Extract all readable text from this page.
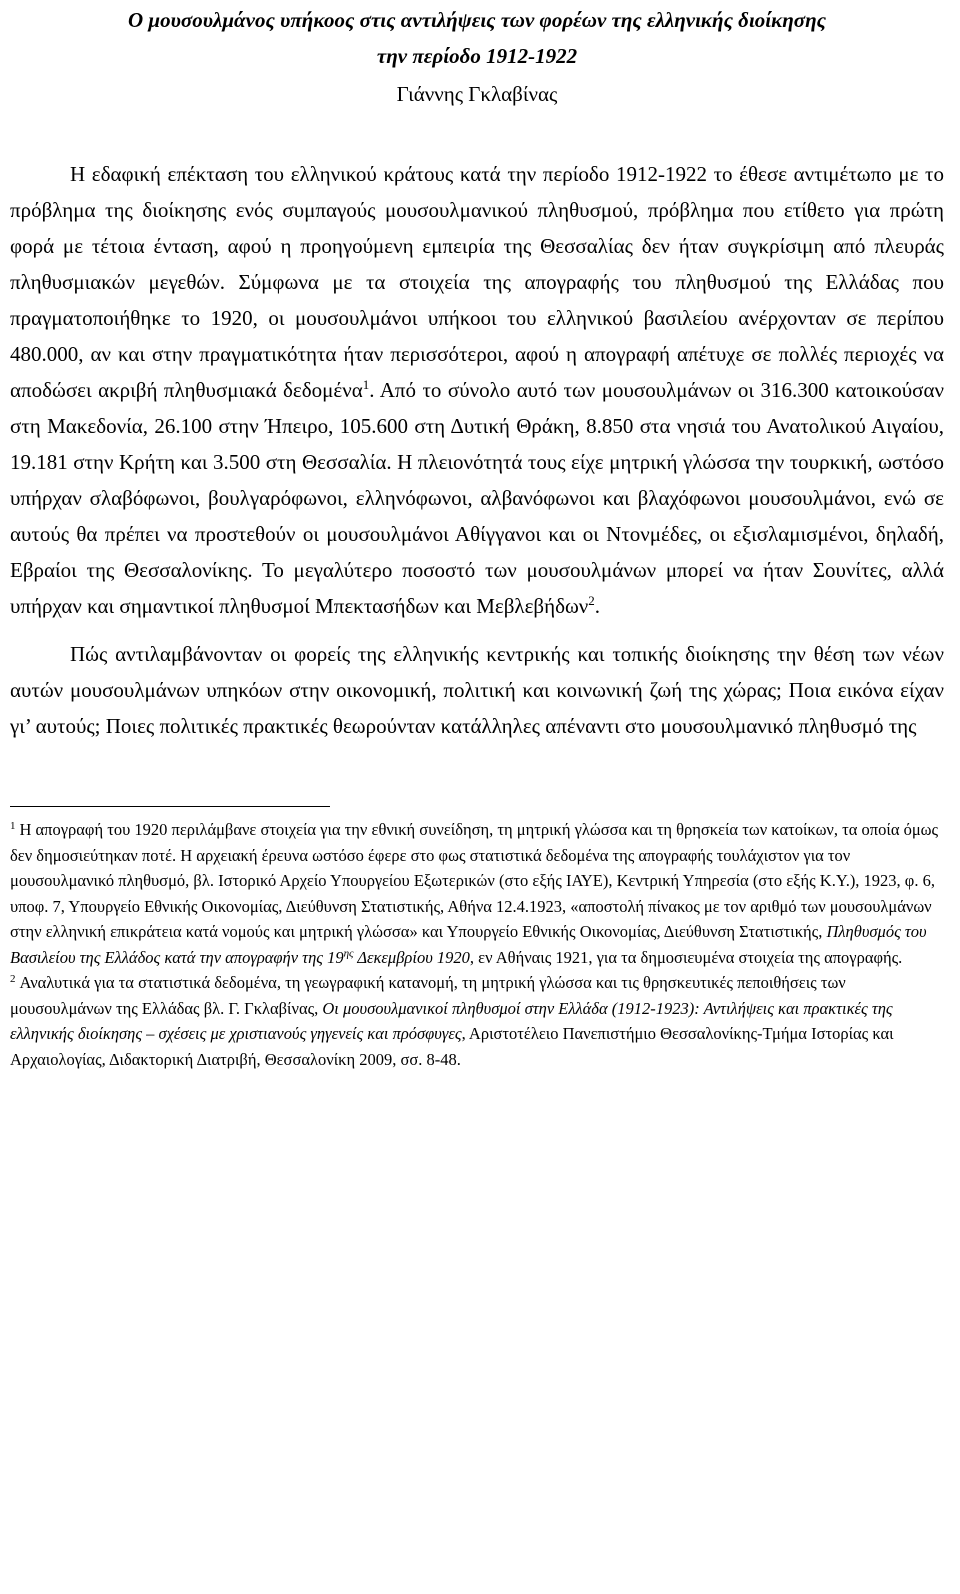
Ο μουσουλμάνος υπήκοος στις αντιλήψεις των φορέων της ελληνικής διοίκησης
την περίοδο 1912-1922
Γιάννης Γκλαβίνας

Η εδαφική επέκταση του ελληνικού κράτους κατά την περίοδο 1912-1922 το έθεσε αντιμέτωπο με το πρόβλημα της διοίκησης ενός συμπαγούς μουσουλμανικού πληθυσμού, πρόβλημα που ετίθετο για πρώτη φορά με τέτοια ένταση, αφού η προηγούμενη εμπειρία της Θεσσαλίας δεν ήταν συγκρίσιμη από πλευράς πληθυσμιακών μεγεθών. Σύμφωνα με τα στοιχεία της απογραφής του πληθυσμού της Ελλάδας που πραγματοποιήθηκε το 1920, οι μουσουλμάνοι υπήκοοι του ελληνικού βασιλείου ανέρχονταν σε περίπου 480.000, αν και στην πραγματικότητα ήταν περισσότεροι, αφού η απογραφή απέτυχε σε πολλές περιοχές να αποδώσει ακριβή πληθυσμιακά δεδομένα$^1$. Από το σύνολο αυτό των μουσουλμάνων οι 316.300 κατοικούσαν στη Μακεδονία, 26.100 στην Ήπειρο, 105.600 στη Δυτική Θράκη, 8.850 στα νησιά του Ανατολικού Αιγαίου, 19.181 στην Κρήτη και 3.500 στη Θεσσαλία. Η πλειονότητά τους είχε μητρική γλώσσα την τουρκική, ωστόσο υπήρχαν σλαβόφωνοι, βουλγαρόφωνοι, ελληνόφωνοι, αλβανόφωνοι και βλαχόφωνοι μουσουλμάνοι, ενώ σε αυτούς θα πρέπει να προστεθούν οι μουσουλμάνοι Αθίγγανοι και οι Ντονμέδες, οι εξισλαμισμένοι, δηλαδή, Εβραίοι της Θεσσαλονίκης. Το μεγαλύτερο ποσοστό των μουσουλμάνων μπορεί να ήταν Σουνίτες, αλλά υπήρχαν και σημαντικοί πληθυσμοί Μπεκτασήδων και Μεβλεβήδων$^2$.

Πώς αντιλαμβάνονταν οι φορείς της ελληνικής κεντρικής και τοπικής διοίκησης την θέση των νέων αυτών μουσουλμάνων υπηκόων στην οικονομική, πολιτική και κοινωνική ζωή της χώρας; Ποια εικόνα είχαν γι’ αυτούς; Ποιες πολιτικές πρακτικές θεωρούνταν κατάλληλες απέναντι στο μουσουλμανικό πληθυσμό της

$^1$ Η απογραφή του 1920 περιλάμβανε στοιχεία για την εθνική συνείδηση, τη μητρική γλώσσα και τη θρησκεία των κατοίκων, τα οποία όμως δεν δημοσιεύτηκαν ποτέ. Η αρχειακή έρευνα ωστόσο έφερε στο φως στατιστικά δεδομένα της απογραφής τουλάχιστον για τον μουσουλμανικό πληθυσμό, βλ. Ιστορικό Αρχείο Υπουργείου Εξωτερικών (στο εξής ΙΑΥΕ), Κεντρική Υπηρεσία (στο εξής Κ.Υ.), 1923, φ. 6, υποφ. 7, Υπουργείο Εθνικής Οικονομίας, Διεύθυνση Στατιστικής, Αθήνα 12.4.1923, «αποστολή πίνακος με τον αριθμό των μουσουλμάνων στην ελληνική επικράτεια κατά νομούς και μητρική γλώσσα» και Υπουργείο Εθνικής Οικονομίας, Διεύθυνση Στατιστικής, Πληθυσμός του Βασιλείου της Ελλάδος κατά την απογραφήν της $19^{\eta\varsigma}$ Δεκεμβρίου 1920, εν Αθήναις 1921, για τα δημοσιευμένα στοιχεία της απογραφής.

$^2$ Αναλυτικά για τα στατιστικά δεδομένα, τη γεωγραφική κατανομή, τη μητρική γλώσσα και τις θρησκευτικές πεποιθήσεις των μουσουλμάνων της Ελλάδας βλ. Γ. Γκλαβίνας, Οι μουσουλμανικοί πληθυσμοί στην Ελλάδα (1912-1923): Αντιλήψεις και πρακτικές της ελληνικής διοίκησης – σχέσεις με χριστιανούς γηγενείς και πρόσφυγες, Αριστοτέλειο Πανεπιστήμιο Θεσσαλονίκης-Τμήμα Ιστορίας και Αρχαιολογίας, Διδακτορική Διατριβή, Θεσσαλονίκη 2009, σσ. 8-48.
